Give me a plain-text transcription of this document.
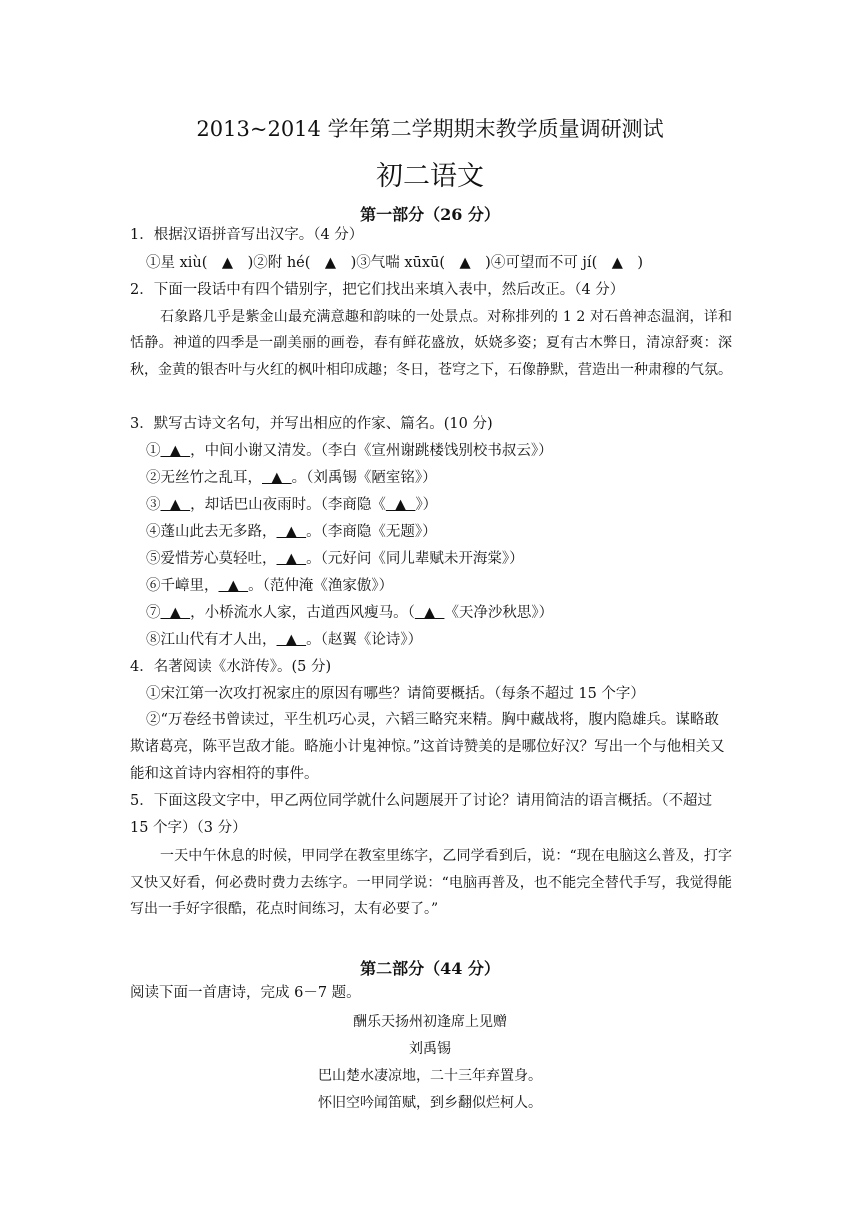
2013~2014 学年第二学期期末教学质量调研测试
初二语文
第一部分（26 分）
1．根据汉语拼音写出汉字。（4 分）
①星 xiù(　▲　)②附 hé(　▲　)③气喘 xūxū(　▲　)④可望而不可 jí(　▲　)
2．下面一段话中有四个错别字，把它们找出来填入表中，然后改正。（4 分）
石象路几乎是紫金山最充满意趣和韵味的一处景点。对称排列的 1 2 对石兽神态温润，详和恬静。神道的四季是一副美丽的画卷，春有鲜花盛放，妖娆多姿；夏有古木弊日，清凉舒爽：深秋，金黄的银杏叶与火红的枫叶相印成趣；冬日，苍穹之下，石像静默，营造出一种肃穆的气氛。
3．默写古诗文名句，并写出相应的作家、篇名。(10 分)
①  ▲  ，中间小谢又清发。（李白《宣州谢跳楼饯别校书叔云》）
②无丝竹之乱耳，  ▲  。（刘禹锡《陋室铭》）
③  ▲  ，却话巴山夜雨时。（李商隐《  ▲  》）
④蓬山此去无多路，  ▲  。（李商隐《无题》）
⑤爱惜芳心莫轻吐，  ▲  。（元好问《同儿辈赋未开海棠》）
⑥千嶂里，  ▲  。（范仲淹《渔家傲》）
⑦  ▲  ，小桥流水人家，古道西风瘦马。（  ▲  《天净沙秋思》）
⑧江山代有才人出，  ▲  。（赵翼《论诗》）
4．名著阅读《水浒传》。(5 分)
①宋江第一次攻打祝家庄的原因有哪些？请简要概括。（每条不超过 15 个字）
②“万卷经书曾读过，平生机巧心灵，六韬三略究来精。胸中藏战将，腹内隐雄兵。谋略敢欺诸葛亮，陈平岂敌才能。略施小计鬼神惊。”这首诗赞美的是哪位好汉？写出一个与他相关又能和这首诗内容相符的事件。
5．下面这段文字中，甲乙两位同学就什么问题展开了讨论？请用简洁的语言概括。（不超过 15 个字）（3 分）
一天中午休息的时候，甲同学在教室里练字，乙同学看到后，说：“现在电脑这么普及，打字又快又好看，何必费时费力去练字。一甲同学说：“电脑再普及，也不能完全替代手写，我觉得能写出一手好字很酷，花点时间练习，太有必要了。”
第二部分（44 分）
阅读下面一首唐诗，完成 6－7 题。
酬乐天扬州初逢席上见赠
刘禹锡
巴山楚水凄凉地，二十三年弃置身。
怀旧空吟闻笛赋，到乡翻似烂柯人。
